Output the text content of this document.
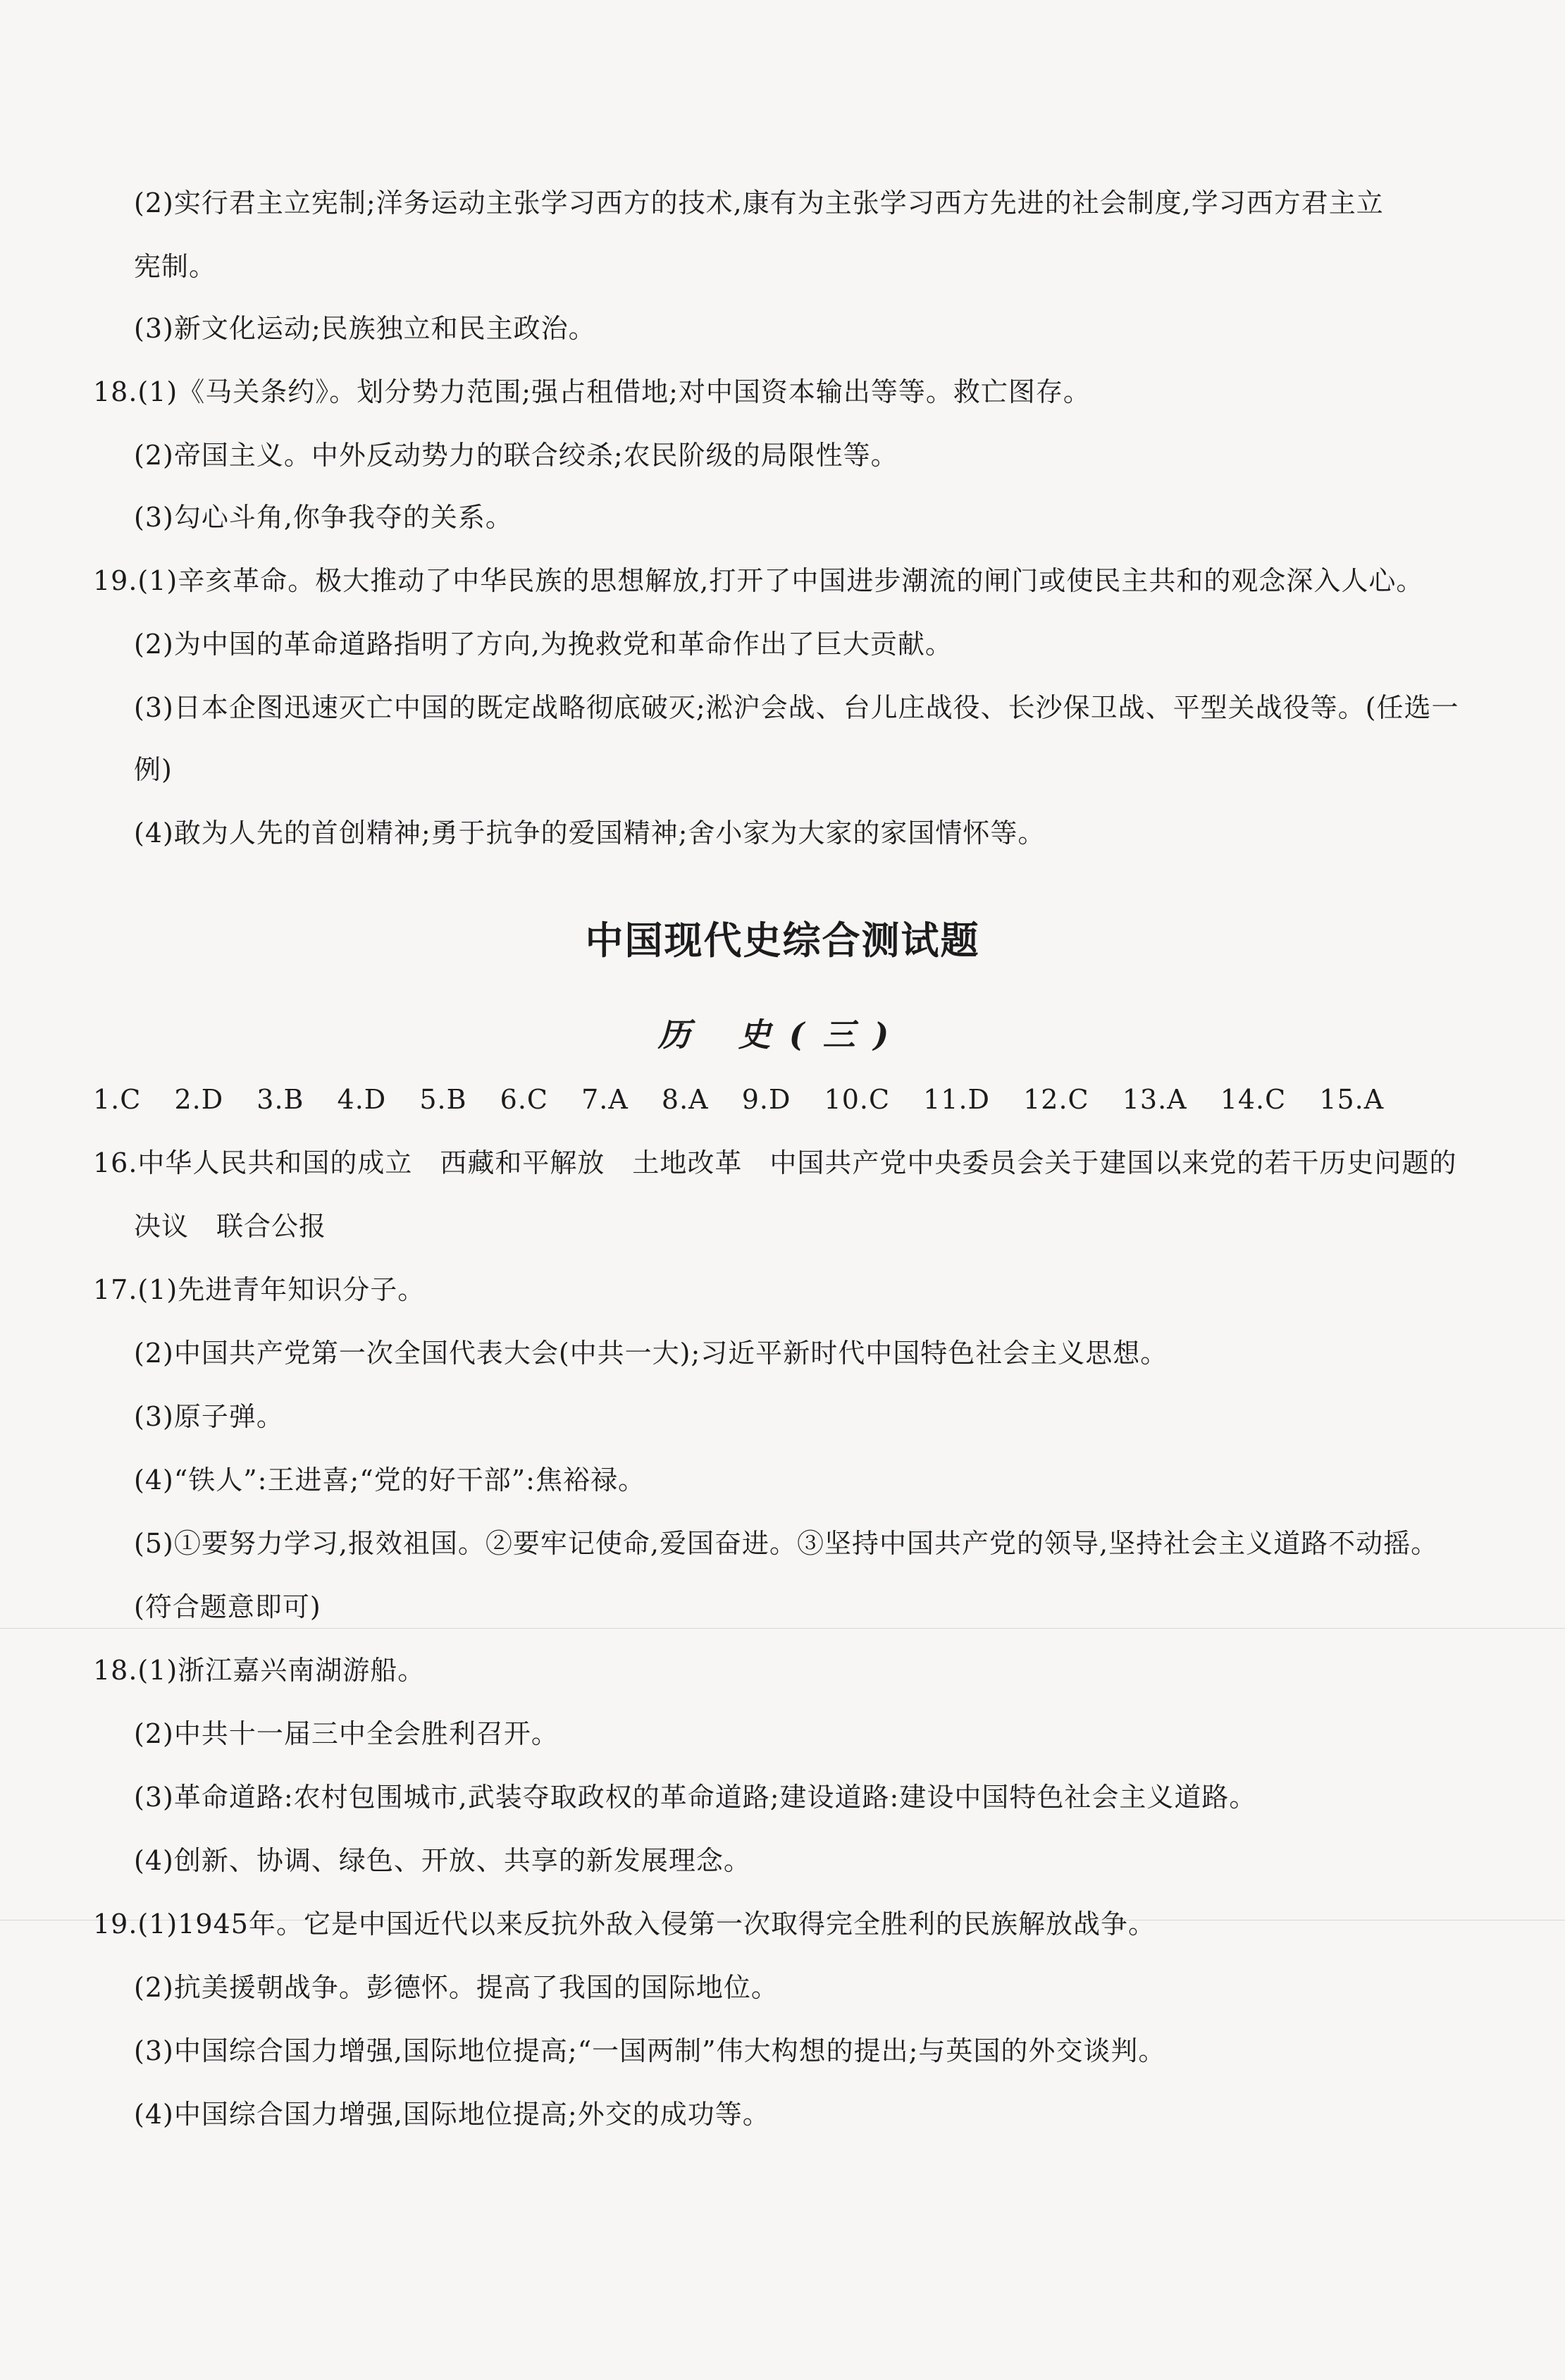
(2)实行君主立宪制;洋务运动主张学习西方的技术,康有为主张学习西方先进的社会制度,学习西方君主立
宪制。
(3)新文化运动;民族独立和民主政治。
18.(1)《马关条约》。划分势力范围;强占租借地;对中国资本输出等等。救亡图存。
(2)帝国主义。中外反动势力的联合绞杀;农民阶级的局限性等。
(3)勾心斗角,你争我夺的关系。
19.(1)辛亥革命。极大推动了中华民族的思想解放,打开了中国进步潮流的闸门或使民主共和的观念深入人心。
(2)为中国的革命道路指明了方向,为挽救党和革命作出了巨大贡献。
(3)日本企图迅速灭亡中国的既定战略彻底破灭;淞沪会战、台儿庄战役、长沙保卫战、平型关战役等。(任选一
例)
(4)敢为人先的首创精神;勇于抗争的爱国精神;舍小家为大家的家国情怀等。
中国现代史综合测试题
历 史(三)
1.C 2.D 3.B 4.D 5.B 6.C 7.A 8.A 9.D 10.C 11.D 12.C 13.A 14.C 15.A
16.中华人民共和国的成立　西藏和平解放　土地改革　中国共产党中央委员会关于建国以来党的若干历史问题的
决议　联合公报
17.(1)先进青年知识分子。
(2)中国共产党第一次全国代表大会(中共一大);习近平新时代中国特色社会主义思想。
(3)原子弹。
(4)“铁人”:王进喜;“党的好干部”:焦裕禄。
(5)①要努力学习,报效祖国。②要牢记使命,爱国奋进。③坚持中国共产党的领导,坚持社会主义道路不动摇。
(符合题意即可)
18.(1)浙江嘉兴南湖游船。
(2)中共十一届三中全会胜利召开。
(3)革命道路:农村包围城市,武装夺取政权的革命道路;建设道路:建设中国特色社会主义道路。
(4)创新、协调、绿色、开放、共享的新发展理念。
19.(1)1945年。它是中国近代以来反抗外敌入侵第一次取得完全胜利的民族解放战争。
(2)抗美援朝战争。彭德怀。提高了我国的国际地位。
(3)中国综合国力增强,国际地位提高;“一国两制”伟大构想的提出;与英国的外交谈判。
(4)中国综合国力增强,国际地位提高;外交的成功等。
